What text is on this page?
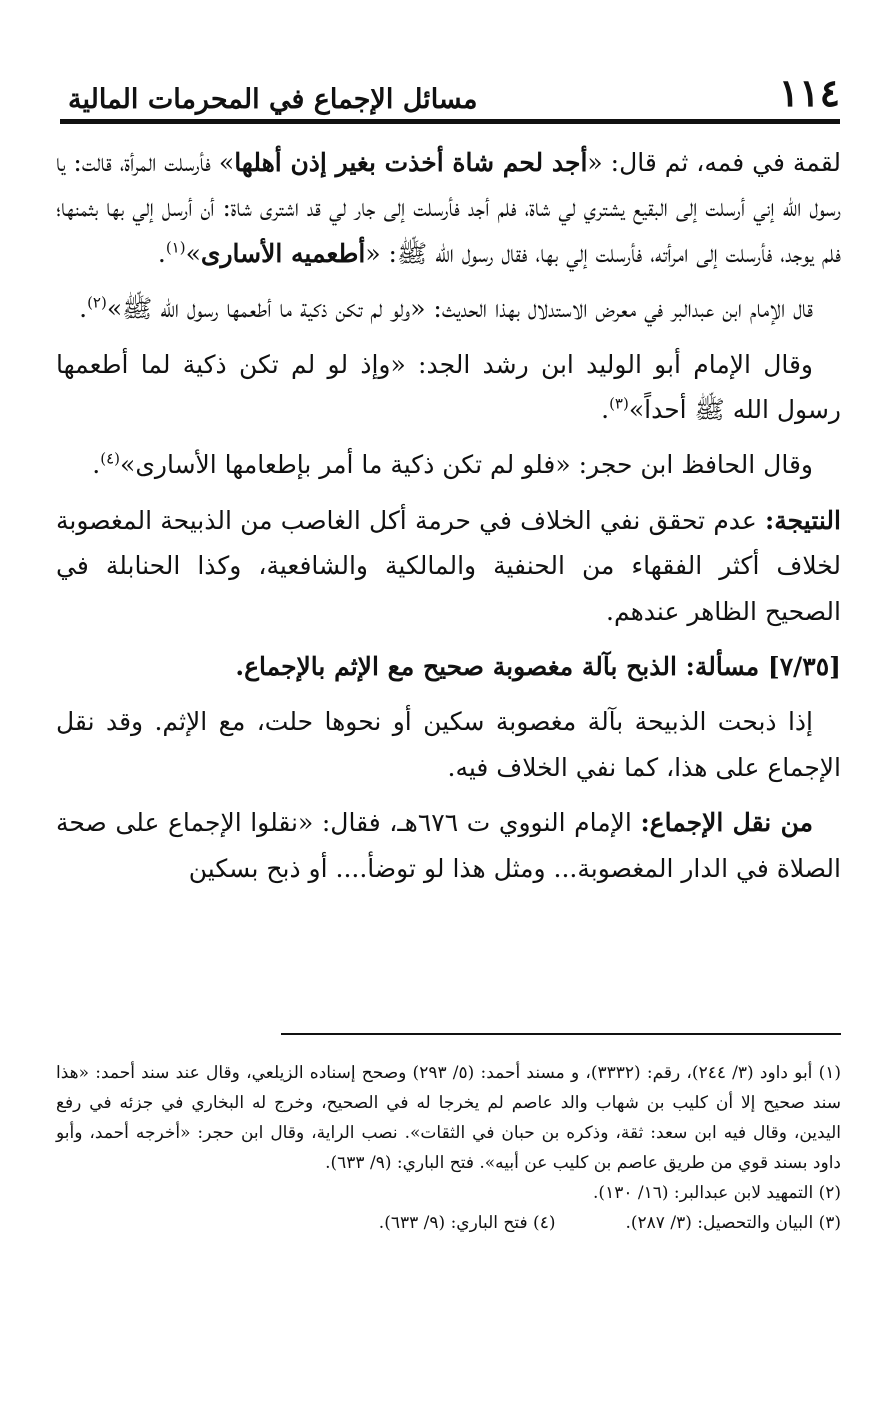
١١٤
مسائل الإجماع في المحرمات المالية

لقمة في فمه، ثم قال: «أجد لحم شاة أخذت بغير إذن أهلها» فأرسلت المرأة، قالت: يا رسول الله إني أرسلت إلى البقيع يشتري لي شاة، فلم أجد فأرسلت إلى جار لي قد اشترى شاة: أن أرسل إلي بها بثمنها؛ فلم يوجد، فأرسلت إلى امرأته، فأرسلت إلي بها، فقال رسول الله ﷺ: «أطعميه الأسارى»$^{(١)}$.

قال الإمام ابن عبدالبر في معرض الاستدلال بهذا الحديث: «ولو لم تكن ذكية ما أطعمها رسول الله ﷺ»$^{(٢)}$.

وقال الإمام أبو الوليد ابن رشد الجد: «وإذ لو لم تكن ذكية لما أطعمها رسول الله ﷺ أحداً»$^{(٣)}$.

وقال الحافظ ابن حجر: «فلو لم تكن ذكية ما أمر بإطعامها الأسارى»$^{(٤)}$.

النتيجة: عدم تحقق نفي الخلاف في حرمة أكل الغاصب من الذبيحة المغصوبة لخلاف أكثر الفقهاء من الحنفية والمالكية والشافعية، وكذا الحنابلة في الصحيح الظاهر عندهم.

[٧/٣٥] مسألة: الذبح بآلة مغصوبة صحيح مع الإثم بالإجماع.

إذا ذبحت الذبيحة بآلة مغصوبة سكين أو نحوها حلت، مع الإثم. وقد نقل الإجماع على هذا، كما نفي الخلاف فيه.

من نقل الإجماع: الإمام النووي ت ٦٧٦هـ، فقال: «نقلوا الإجماع على صحة الصلاة في الدار المغصوبة... ومثل هذا لو توضأ.... أو ذبح بسكين

(١) أبو داود (٣/ ٢٤٤)، رقم: (٣٣٣٢)، و مسند أحمد: (٥/ ٢٩٣) وصحح إسناده الزيلعي، وقال عند سند أحمد: «هذا سند صحيح إلا أن كليب بن شهاب والد عاصم لم يخرجا له في الصحيح، وخرج له البخاري في جزئه في رفع اليدين، وقال فيه ابن سعد: ثقة، وذكره بن حبان في الثقات». نصب الراية، وقال ابن حجر: «أخرجه أحمد، وأبو داود بسند قوي من طريق عاصم بن كليب عن أبيه». فتح الباري: (٩/ ٦٣٣).

(٢) التمهيد لابن عبدالبر: (١٦/ ١٣٠).

(٣) البيان والتحصيل: (٣/ ٢٨٧).
(٤) فتح الباري: (٩/ ٦٣٣).
